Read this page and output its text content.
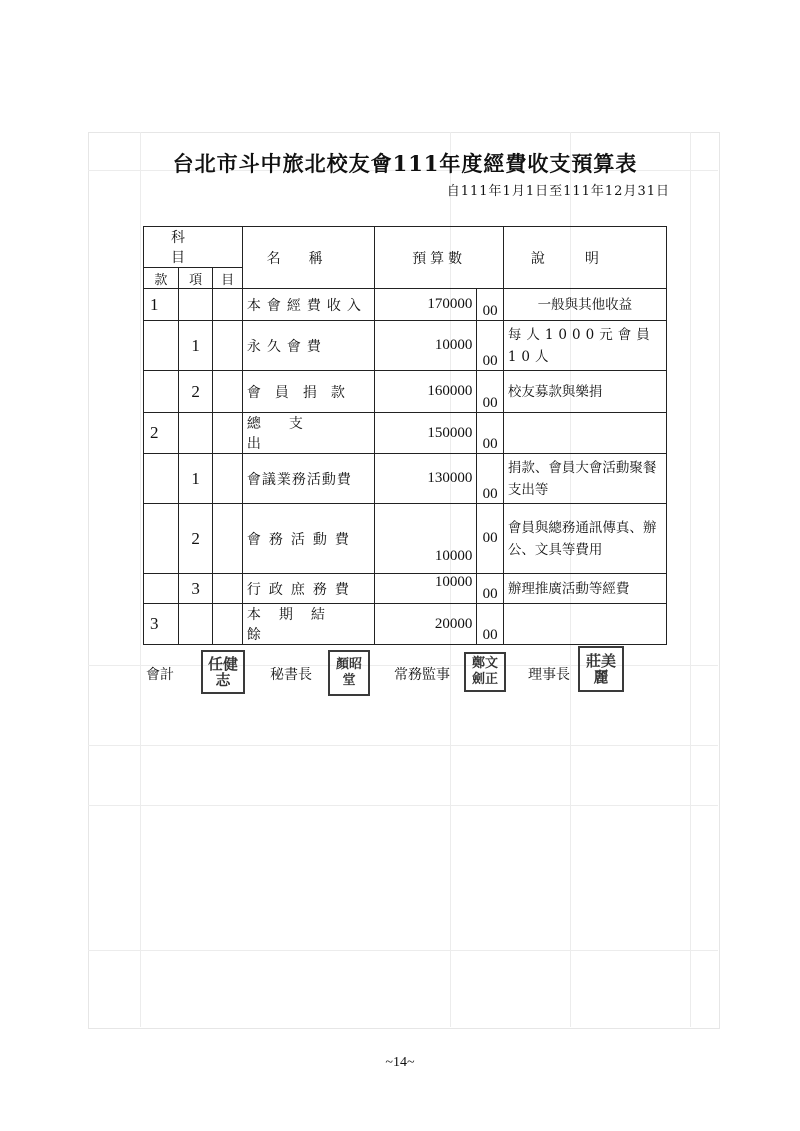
台北市斗中旅北校友會111年度經費收支預算表
自111年1月1日至111年12月31日
科　目			名稱	預算數		說明
款	項	目				
1			本會經費收入	170000	00	一般與其他收益
	1		永久會費	10000	00	每人1000元會員10人
	2		會員捐款	160000	00	校友募款與樂捐
2			總支出	150000	00	
	1		會議業務活動費	130000	00	捐款、會員大會活動聚餐支出等
	2		會務活動費	10000	00	會員與總務通訊傳真、辦公、文具等費用
	3		行政庶務費	10000	00	辦理推廣活動等經費
3			本期結餘	20000	00	
會計
任健志	秘書長
顏昭堂	常務監事
鄭文劍正	理事長
莊美麗
~14~
